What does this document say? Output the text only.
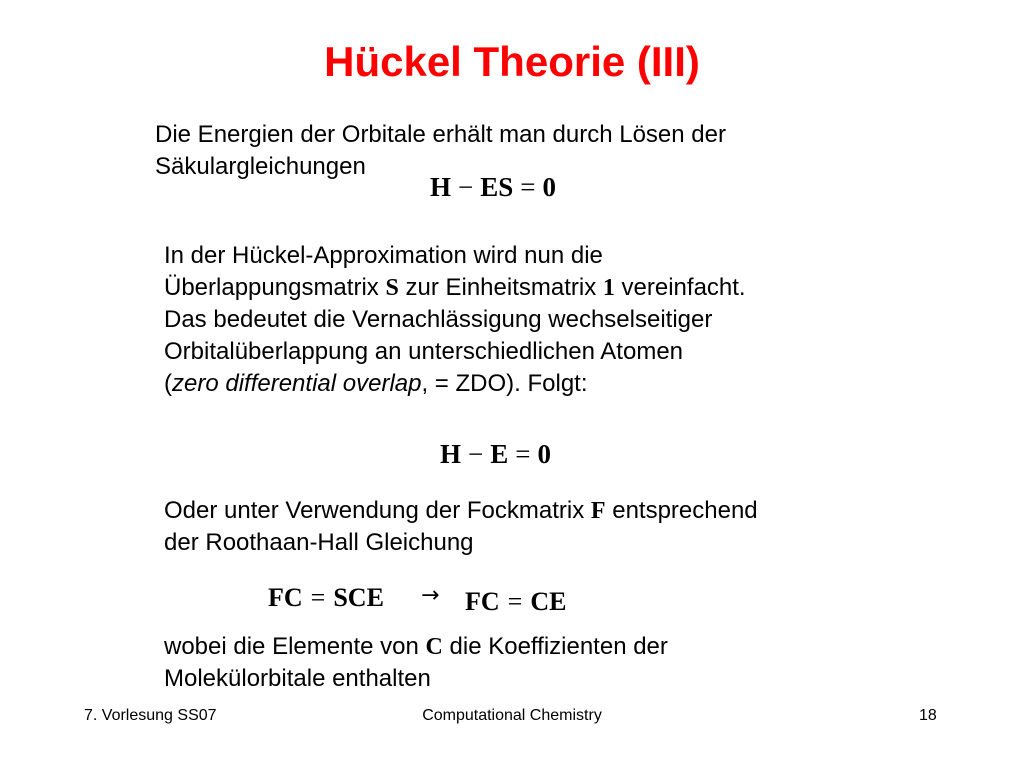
Hückel Theorie (III)
Die Energien der Orbitale erhält man durch Lösen der
Säkulargleichungen
H − ES = 0
In der Hückel-Approximation wird nun die
Überlappungsmatrix S zur Einheitsmatrix 1 vereinfacht.
Das bedeutet die Vernachlässigung wechselseitiger
Orbitalüberlappung an unterschiedlichen Atomen
(zero differential overlap, = ZDO). Folgt:
H − E = 0
Oder unter Verwendung der Fockmatrix F entsprechend
der Roothaan-Hall Gleichung
FC = SCE → FC = CE
wobei die Elemente von C die Koeffizienten der
Molekülorbitale enthalten
7. Vorlesung SS07	Computational Chemistry	18
